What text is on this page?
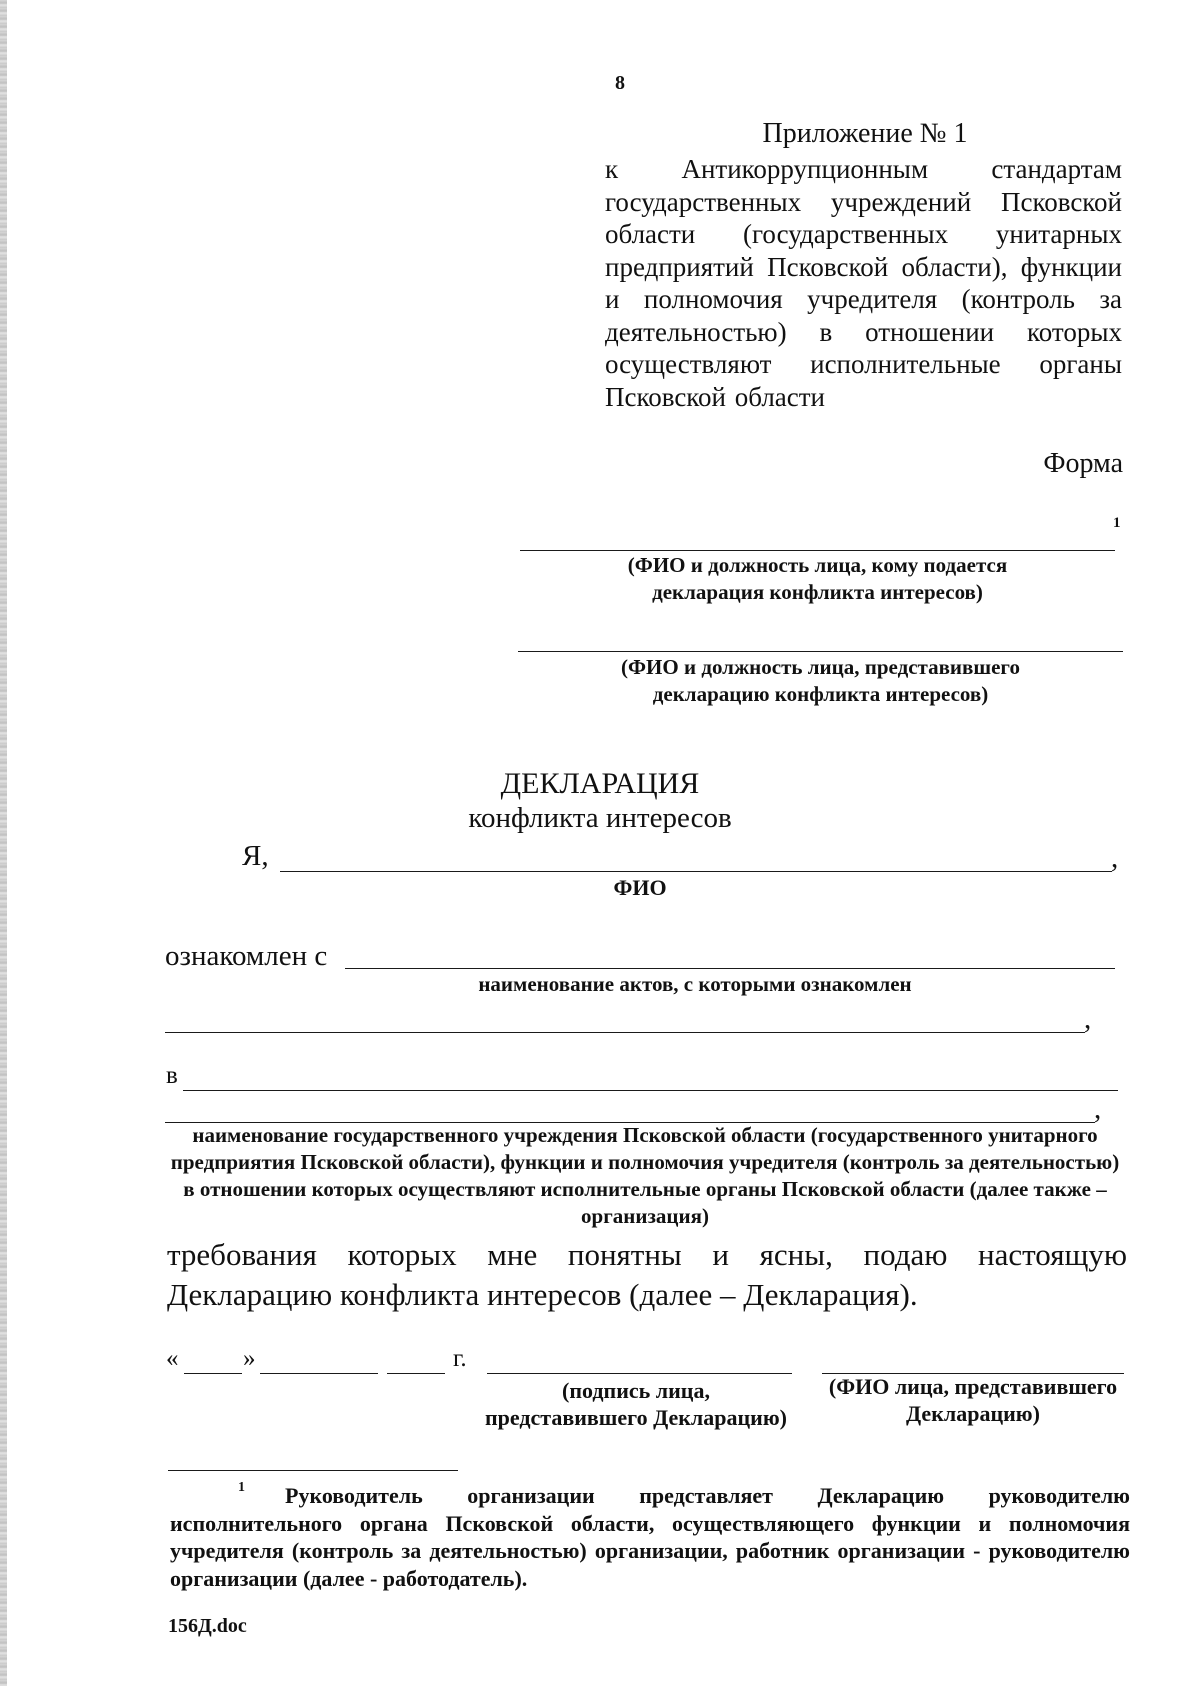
8
Приложение № 1
к Антикоррупционным стандартам государственных учреждений Псковской области (государственных унитарных предприятий Псковской области), функции и полномочия учредителя (контроль за деятельностью) в отношении которых осуществляют исполнительные органы Псковской области
Форма
1
(ФИО и должность лица, кому подается
декларация конфликта интересов)
(ФИО и должность лица, представившего
декларацию конфликта интересов)
ДЕКЛАРАЦИЯ
конфликта интересов
Я,	,
ФИО
ознакомлен с
наименование актов, с которыми ознакомлен
,
в
,
наименование государственного учреждения Псковской области (государственного унитарного предприятия Псковской области), функции и полномочия учредителя (контроль за деятельностью) в отношении которых осуществляют исполнительные органы Псковской области (далее также – организация)
требования которых мне понятны и ясны, подаю настоящую Декларацию конфликта интересов (далее – Декларация).
«	»	г.
(подпись лица,
представившего Декларацию)
(ФИО лица, представившего
Декларацию)
1	Руководитель организации представляет Декларацию руководителю исполнительного органа Псковской области, осуществляющего функции и полномочия учредителя (контроль за деятельностью) организации, работник организации - руководителю организации (далее - работодатель).
156Д.doc
